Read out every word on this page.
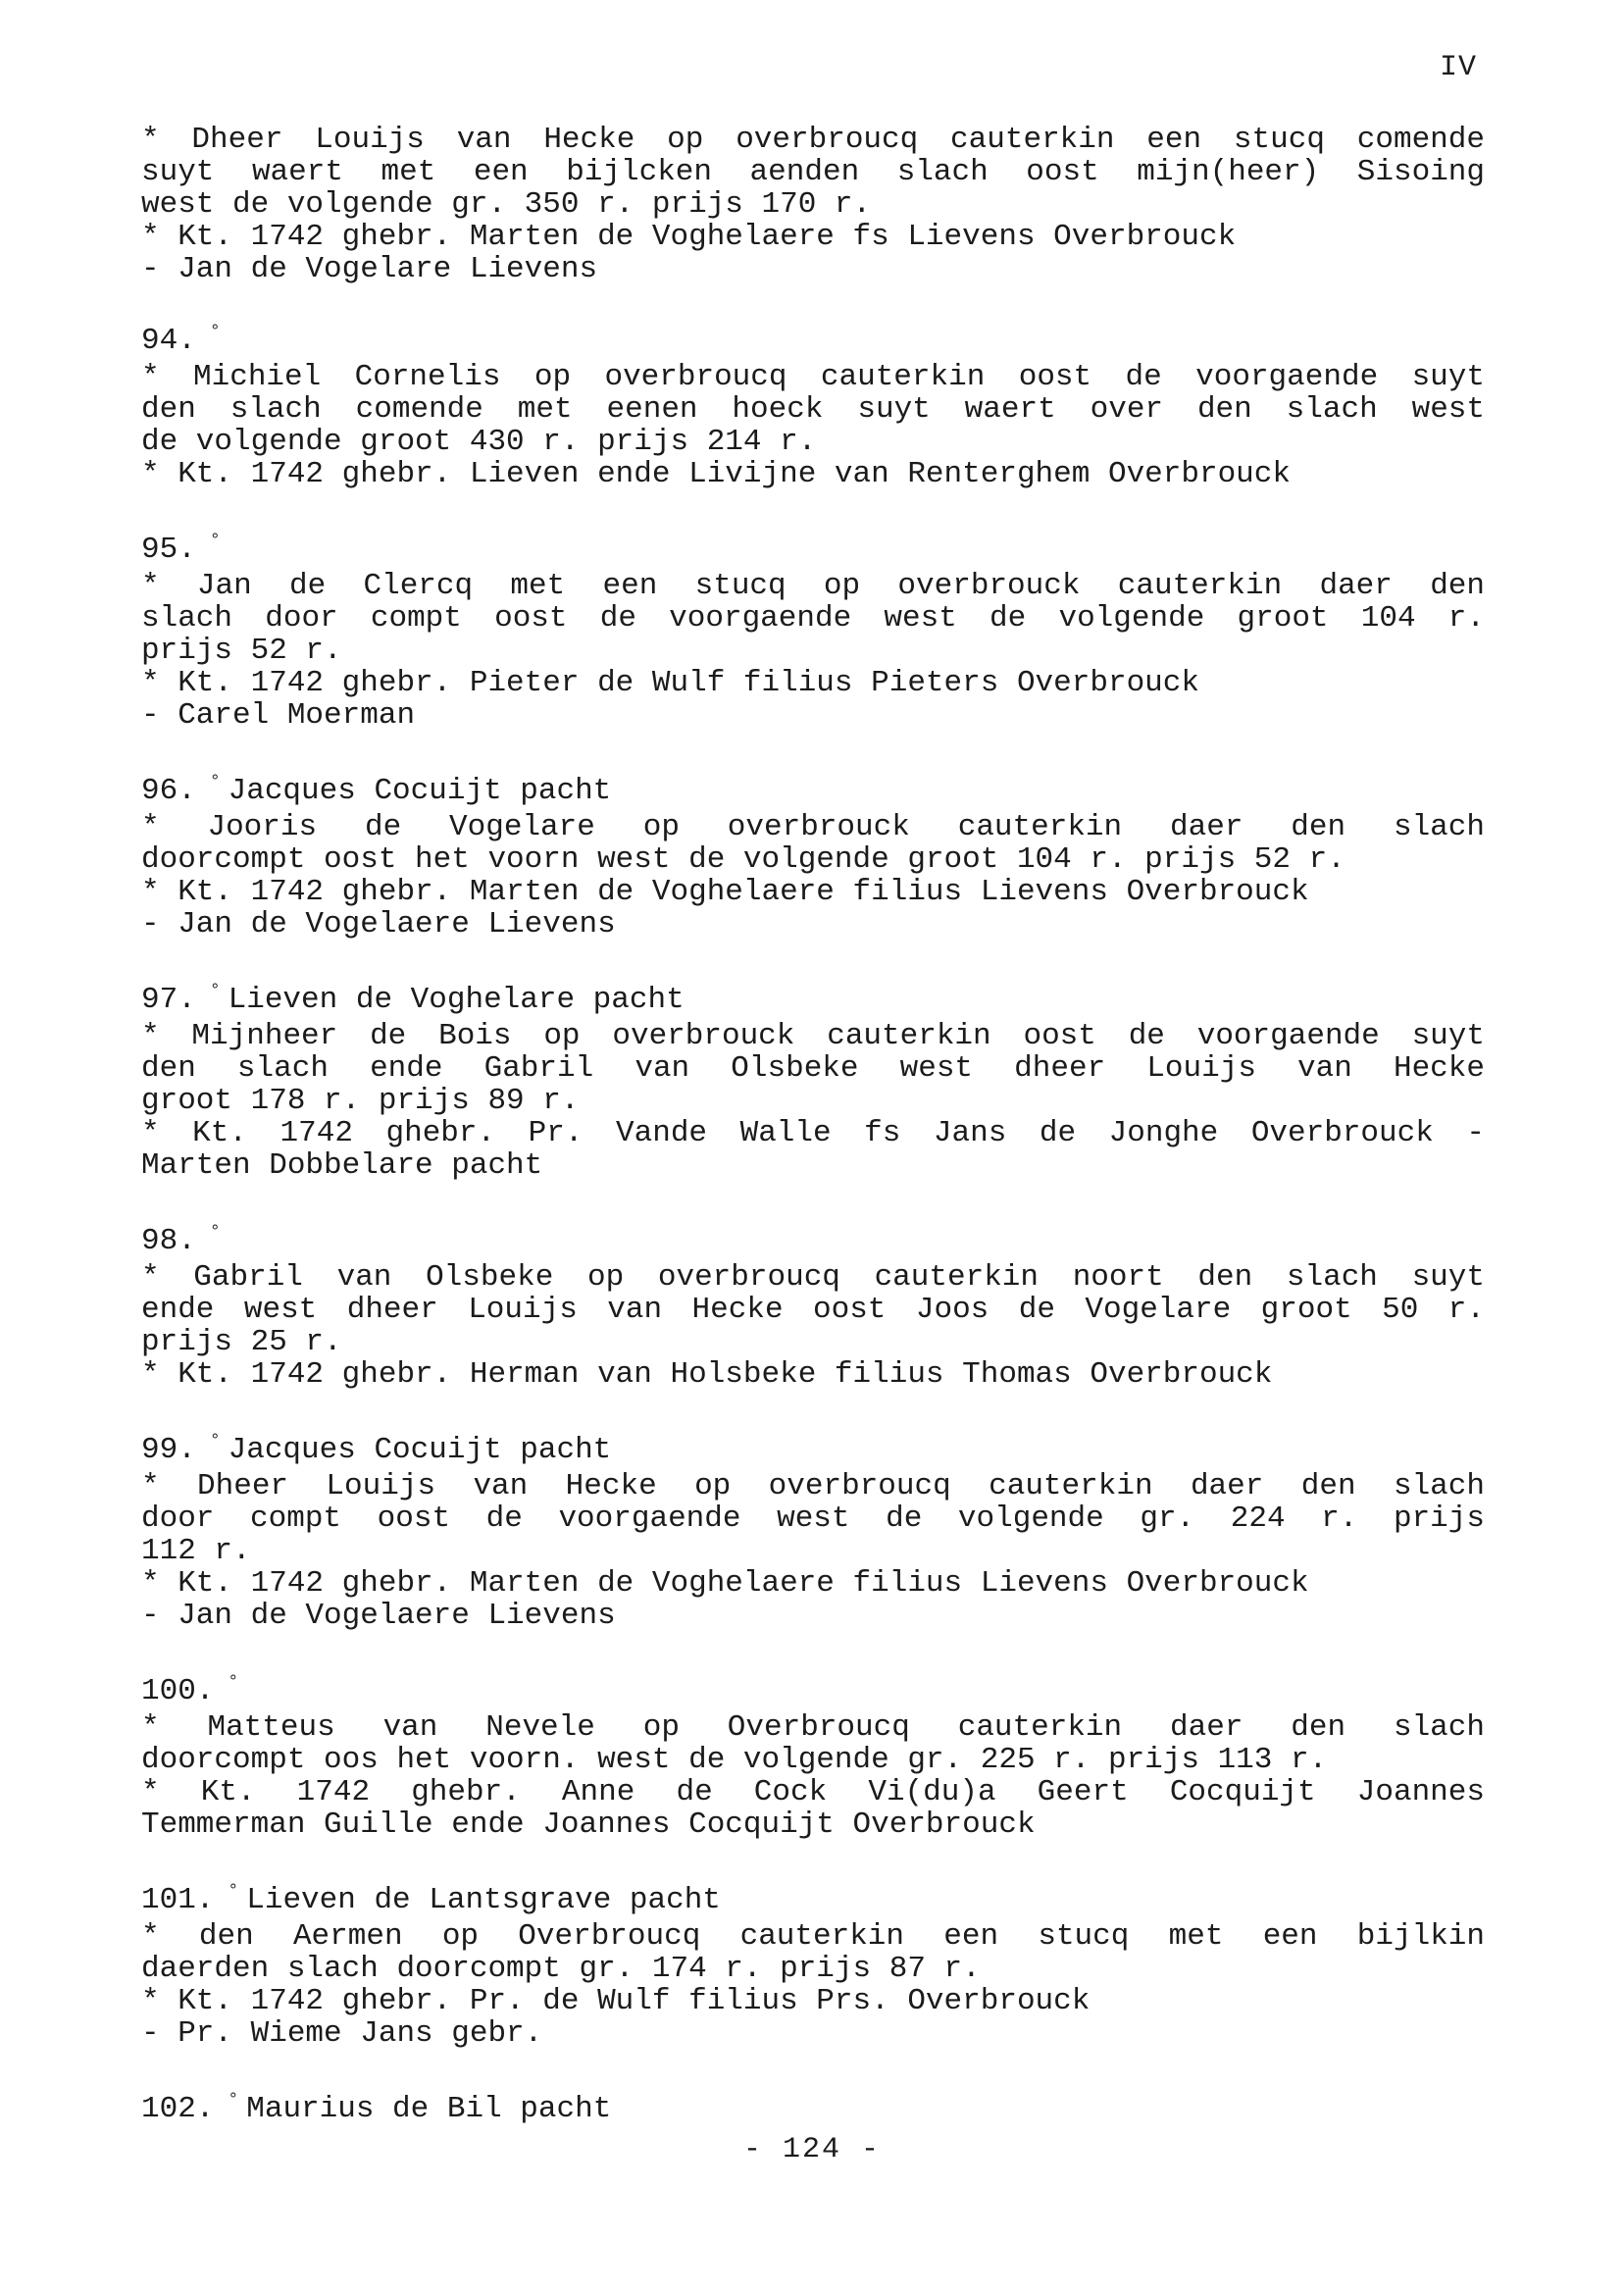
IV
* Dheer Louijs van Hecke op overbroucq cauterkin een stucq comende
suyt waert met een bijlcken aenden slach oost mijn(heer) Sisoing
west de volgende gr. 350 r. prijs 170 r.
* Kt. 1742 ghebr. Marten de Voghelaere fs Lievens Overbrouck
- Jan de Vogelare Lievens
94. °
* Michiel Cornelis op overbroucq cauterkin oost de voorgaende suyt
den slach comende met eenen hoeck suyt waert over den slach west
de volgende groot 430 r. prijs 214 r.
* Kt. 1742 ghebr. Lieven ende Livijne van Renterghem Overbrouck
95. °
* Jan de Clercq met een stucq op overbrouck cauterkin daer den
slach door compt oost de voorgaende west de volgende groot 104 r.
prijs 52 r.
* Kt. 1742 ghebr. Pieter de Wulf filius Pieters Overbrouck
- Carel Moerman
96. ° Jacques Cocuijt pacht
* Jooris de Vogelare op overbrouck cauterkin daer den slach
doorcompt oost het voorn west de volgende groot 104 r. prijs 52 r.
* Kt. 1742 ghebr. Marten de Voghelaere filius Lievens Overbrouck
- Jan de Vogelaere Lievens
97. ° Lieven de Voghelare pacht
* Mijnheer de Bois op overbrouck cauterkin oost de voorgaende suyt
den slach ende Gabril van Olsbeke west dheer Louijs van Hecke
groot 178 r. prijs 89 r.
* Kt. 1742 ghebr. Pr. Vande Walle fs Jans de Jonghe Overbrouck -
Marten Dobbelare pacht
98. °
* Gabril van Olsbeke op overbroucq cauterkin noort den slach suyt
ende west dheer Louijs van Hecke oost Joos de Vogelare groot 50 r.
prijs 25 r.
* Kt. 1742 ghebr. Herman van Holsbeke filius Thomas Overbrouck
99. ° Jacques Cocuijt pacht
* Dheer Louijs van Hecke op overbroucq cauterkin daer den slach
door compt oost de voorgaende west de volgende gr. 224 r. prijs
112 r.
* Kt. 1742 ghebr. Marten de Voghelaere filius Lievens Overbrouck
- Jan de Vogelaere Lievens
100. °
* Matteus van Nevele op Overbroucq cauterkin daer den slach
doorcompt oos het voorn. west de volgende gr. 225 r. prijs 113 r.
* Kt. 1742 ghebr. Anne de Cock Vi(du)a Geert Cocquijt Joannes
Temmerman Guille ende Joannes Cocquijt Overbrouck
101. ° Lieven de Lantsgrave pacht
* den Aermen op Overbroucq cauterkin een stucq met een bijlkin
daerden slach doorcompt gr. 174 r. prijs 87 r.
* Kt. 1742 ghebr. Pr. de Wulf filius Prs. Overbrouck
- Pr. Wieme Jans gebr.
102. ° Maurius de Bil pacht
- 124 -
